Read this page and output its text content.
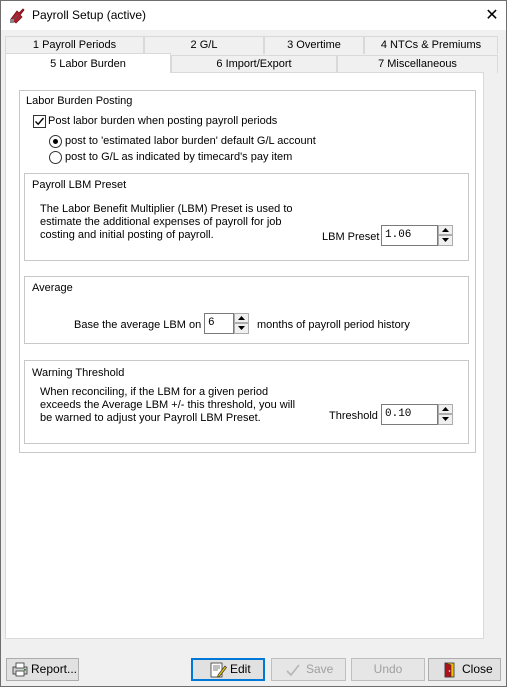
Payroll Setup (active)	✕
1 Payroll Periods	2 G/L	3 Overtime	4 NTCs & Premiums
5 Labor Burden	6 Import/Export	7 Miscellaneous
Labor Burden Posting
Post labor burden when posting payroll periods
post to 'estimated labor burden' default G/L account
post to G/L as indicated by timecard's pay item
Payroll LBM Preset
The Labor Benefit Multiplier (LBM) Preset is used to estimate the additional expenses of payroll for job costing and initial posting of payroll.	LBM Preset 1.06
Average
Base the average LBM on 6	months of payroll period history
Warning Threshold
When reconciling, if the LBM for a given period exceeds the Average LBM +/- this threshold, you will be warned to adjust your Payroll LBM Preset.	Threshold 0.10
Report...	Edit	Save	Undo	Close
